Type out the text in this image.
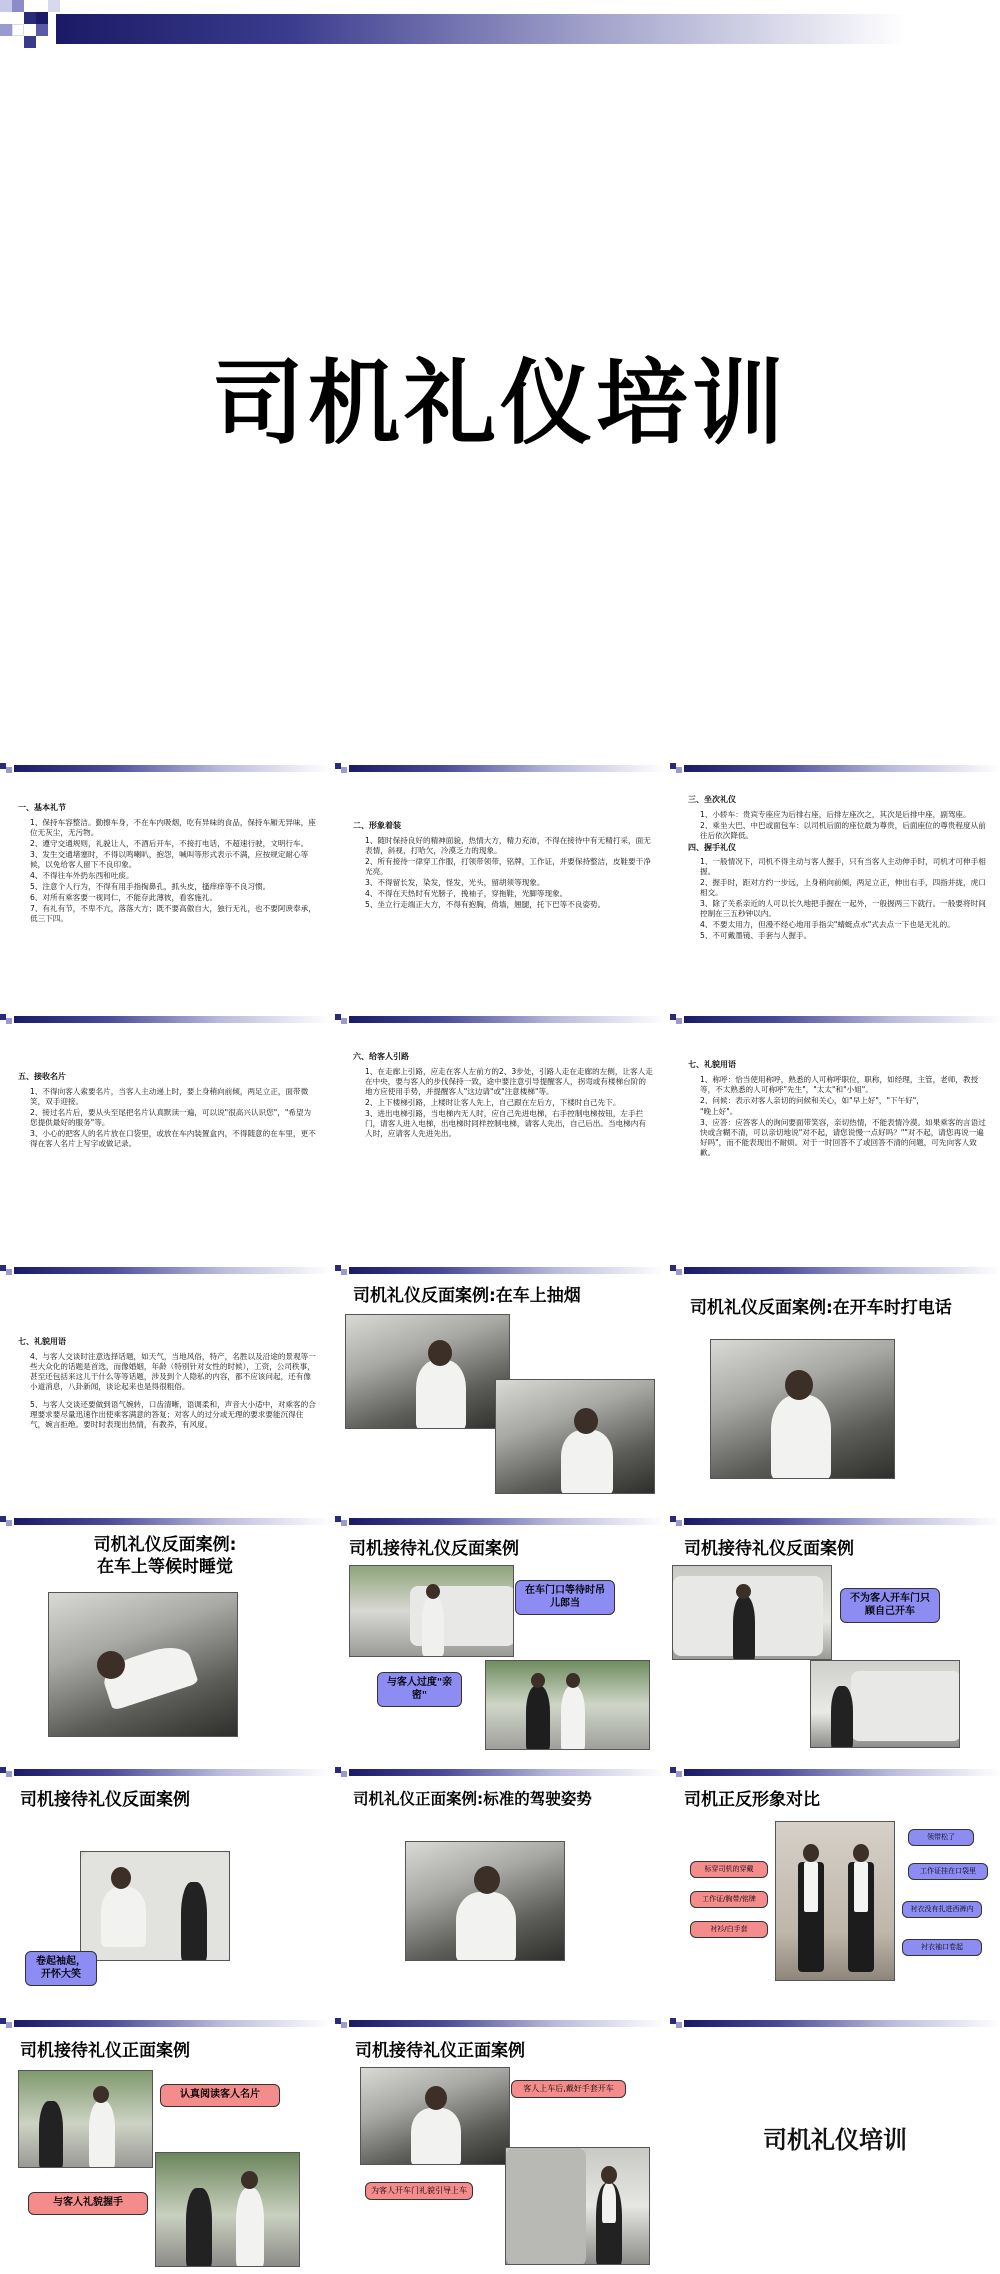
司机礼仪培训

一、基本礼节

1、保持车容整洁。勤擦车身，不在车内吸烟，吃有异味的食品，保持车厢无异味，座位无灰尘，无污物。

2、遵守交通规则，礼貌让人，不酒后开车，不接打电话，不超速行驶，文明行车。

3、发生交通堵塞时，不得以鸣喇叭，抱怨，喊叫等形式表示不满，应按规定耐心等候，以免给客人留下不良印象。

4、不得往车外扔东西和吐痰。

5、注意个人行为，不得有用手指掏鼻孔，抓头皮，搔痒痒等不良习惯。

6、对所有乘客要一视同仁，不能存此薄彼，看客施礼。

7、有礼有节，不卑不亢，落落大方；既不要高傲自大，独行无礼，也不要阿谀奉承，低三下四。

二、形象着装

1、随时保持良好的精神面貌，热情大方，精力充沛，不得在接待中有无精打采，面无表情，斜视，打哈欠，冷漠乏力的现象。

2、所有接待一律穿工作服，打领带领带，铭牌，工作证，并要保持整洁，皮鞋要干净光亮。

3、不得留长发，染发，怪发，光头，留胡须等现象。

4、不得在天热时有光膀子，挽袖子，穿拖鞋，光脚等现象。

5、坐立行走端正大方，不得有抱胸，倚墙，翘腿，托下巴等不良姿势。

三、坐次礼仪

1、小轿车：贵宾专座应为后排右座，后排左座次之，其次是后排中座，副驾座。

2、乘坐大巴、中巴或面包车：以司机后面的座位最为尊贵，后面座位的尊贵程度从前往后依次降低。

四、握手礼仪

1、一般情况下，司机不得主动与客人握手，只有当客人主动伸手时，司机才可伸手相握。

2、握手时，距对方约一步远，上身稍向前倾，两足立正，伸出右手，四指并拢，虎口相交。

3、除了关系亲近的人可以长久地把手握在一起外，一般握两三下就行。一般要将时间控制在三五秒钟以内。

4、不要太用力，但漫不经心地用手指尖"蜻蜓点水"式去点一下也是无礼的。

5、不可戴墨镜、手套与人握手。

五、接收名片

1、不得向客人索要名片，当客人主动递上时，要上身稍向前倾，两足立正，面带微笑，双手迎接。

2、接过名片后，要从头至尾把名片认真默读一遍，可以说"很高兴认识您"，"希望为您提供最好的服务"等。

3、小心的把客人的名片放在口袋里，或放在车内装置盒内，不得随意的在车里，更不得在客人名片上写字或做记录。

六、给客人引路

1、在走廊上引路，应走在客人左前方的2、3步处，引路人走在走廊的左侧，让客人走在中央，要与客人的步伐保持一致，途中要注意引导提醒客人，拐弯或有楼梯台阶的地方应使用手势，并提醒客人"这边请"或"注意楼梯"等。

2、上下楼梯引路，上楼时让客人先上，自己跟在左后方，下楼时自己先下。

3、进出电梯引路，当电梯内无人时，应自己先进电梯，右手控制电梯按钮，左手拦门，请客人进入电梯，出电梯时同样控制电梯，请客人先出，自己后出。当电梯内有人时，应请客人先进先出。

七、礼貌用语

1、称呼：恰当使用称呼，熟悉的人可称呼职位，职称，如经理，主管，老师，教授等，不太熟悉的人可称呼"先生"，"太太"和"小姐"。

2、问候：表示对客人亲切的问候和关心，如"早上好"，"下午好"，

"晚上好"。

3、应答：应答客人的询问要面带笑容，亲切热情，不能表情冷漠。如果乘客的言语过快或含糊不清，可以亲切地说"对不起，请您说慢一点好吗？""对不起，请您再说一遍好吗"，而不能表现出不耐烦。对于一时回答不了或回答不清的问题，可先向客人致歉。

七、礼貌用语

4、与客人交谈时注意选择话题，如天气，当地风俗，特产，名胜以及沿途的景观等一些大众化的话题是首选，而像婚姻，年龄（特别针对女性的时候），工资，公司秩事，甚至还包括来这儿干什么等等话题，涉及到个人隐私的内容，都不应该问起，还有像小道消息，八卦新闻，谈论起来也是得很粗俗。

5、与客人交谈还要做到语气婉转，口齿清晰，语调柔和，声音大小适中，对乘客的合理要求要尽量迅速作出使乘客满意的答复；对客人的过分或无理的要求要能沉得住气，婉言拒绝。要时时表现出热情，有教养，有风度。

司机礼仪反面案例:在车上抽烟
司机礼仪反面案例:在开车时打电话
司机礼仪反面案例:
在车上等候时睡觉
司机接待礼仪反面案例
在车门口等待时吊儿郎当
与客人过度"亲密"
司机接待礼仪反面案例
不为客人开车门只顾自己开车
司机接待礼仪反面案例
卷起袖起，开怀大笑
司机礼仪正面案例:标准的驾驶姿势	司机正反形象对比
标穿司机的穿戴
工作证/胸带/铭牌
衬衫/白手套
领带松了
工作证挂在口袋里
衬衣没有扎进西裤内
衬衣袖口卷起
司机接待礼仪正面案例
认真阅读客人名片
与客人礼貌握手
司机接待礼仪正面案例
客人上车后,戴好手套开车
为客人开车门礼貌引导上车
司机礼仪培训
